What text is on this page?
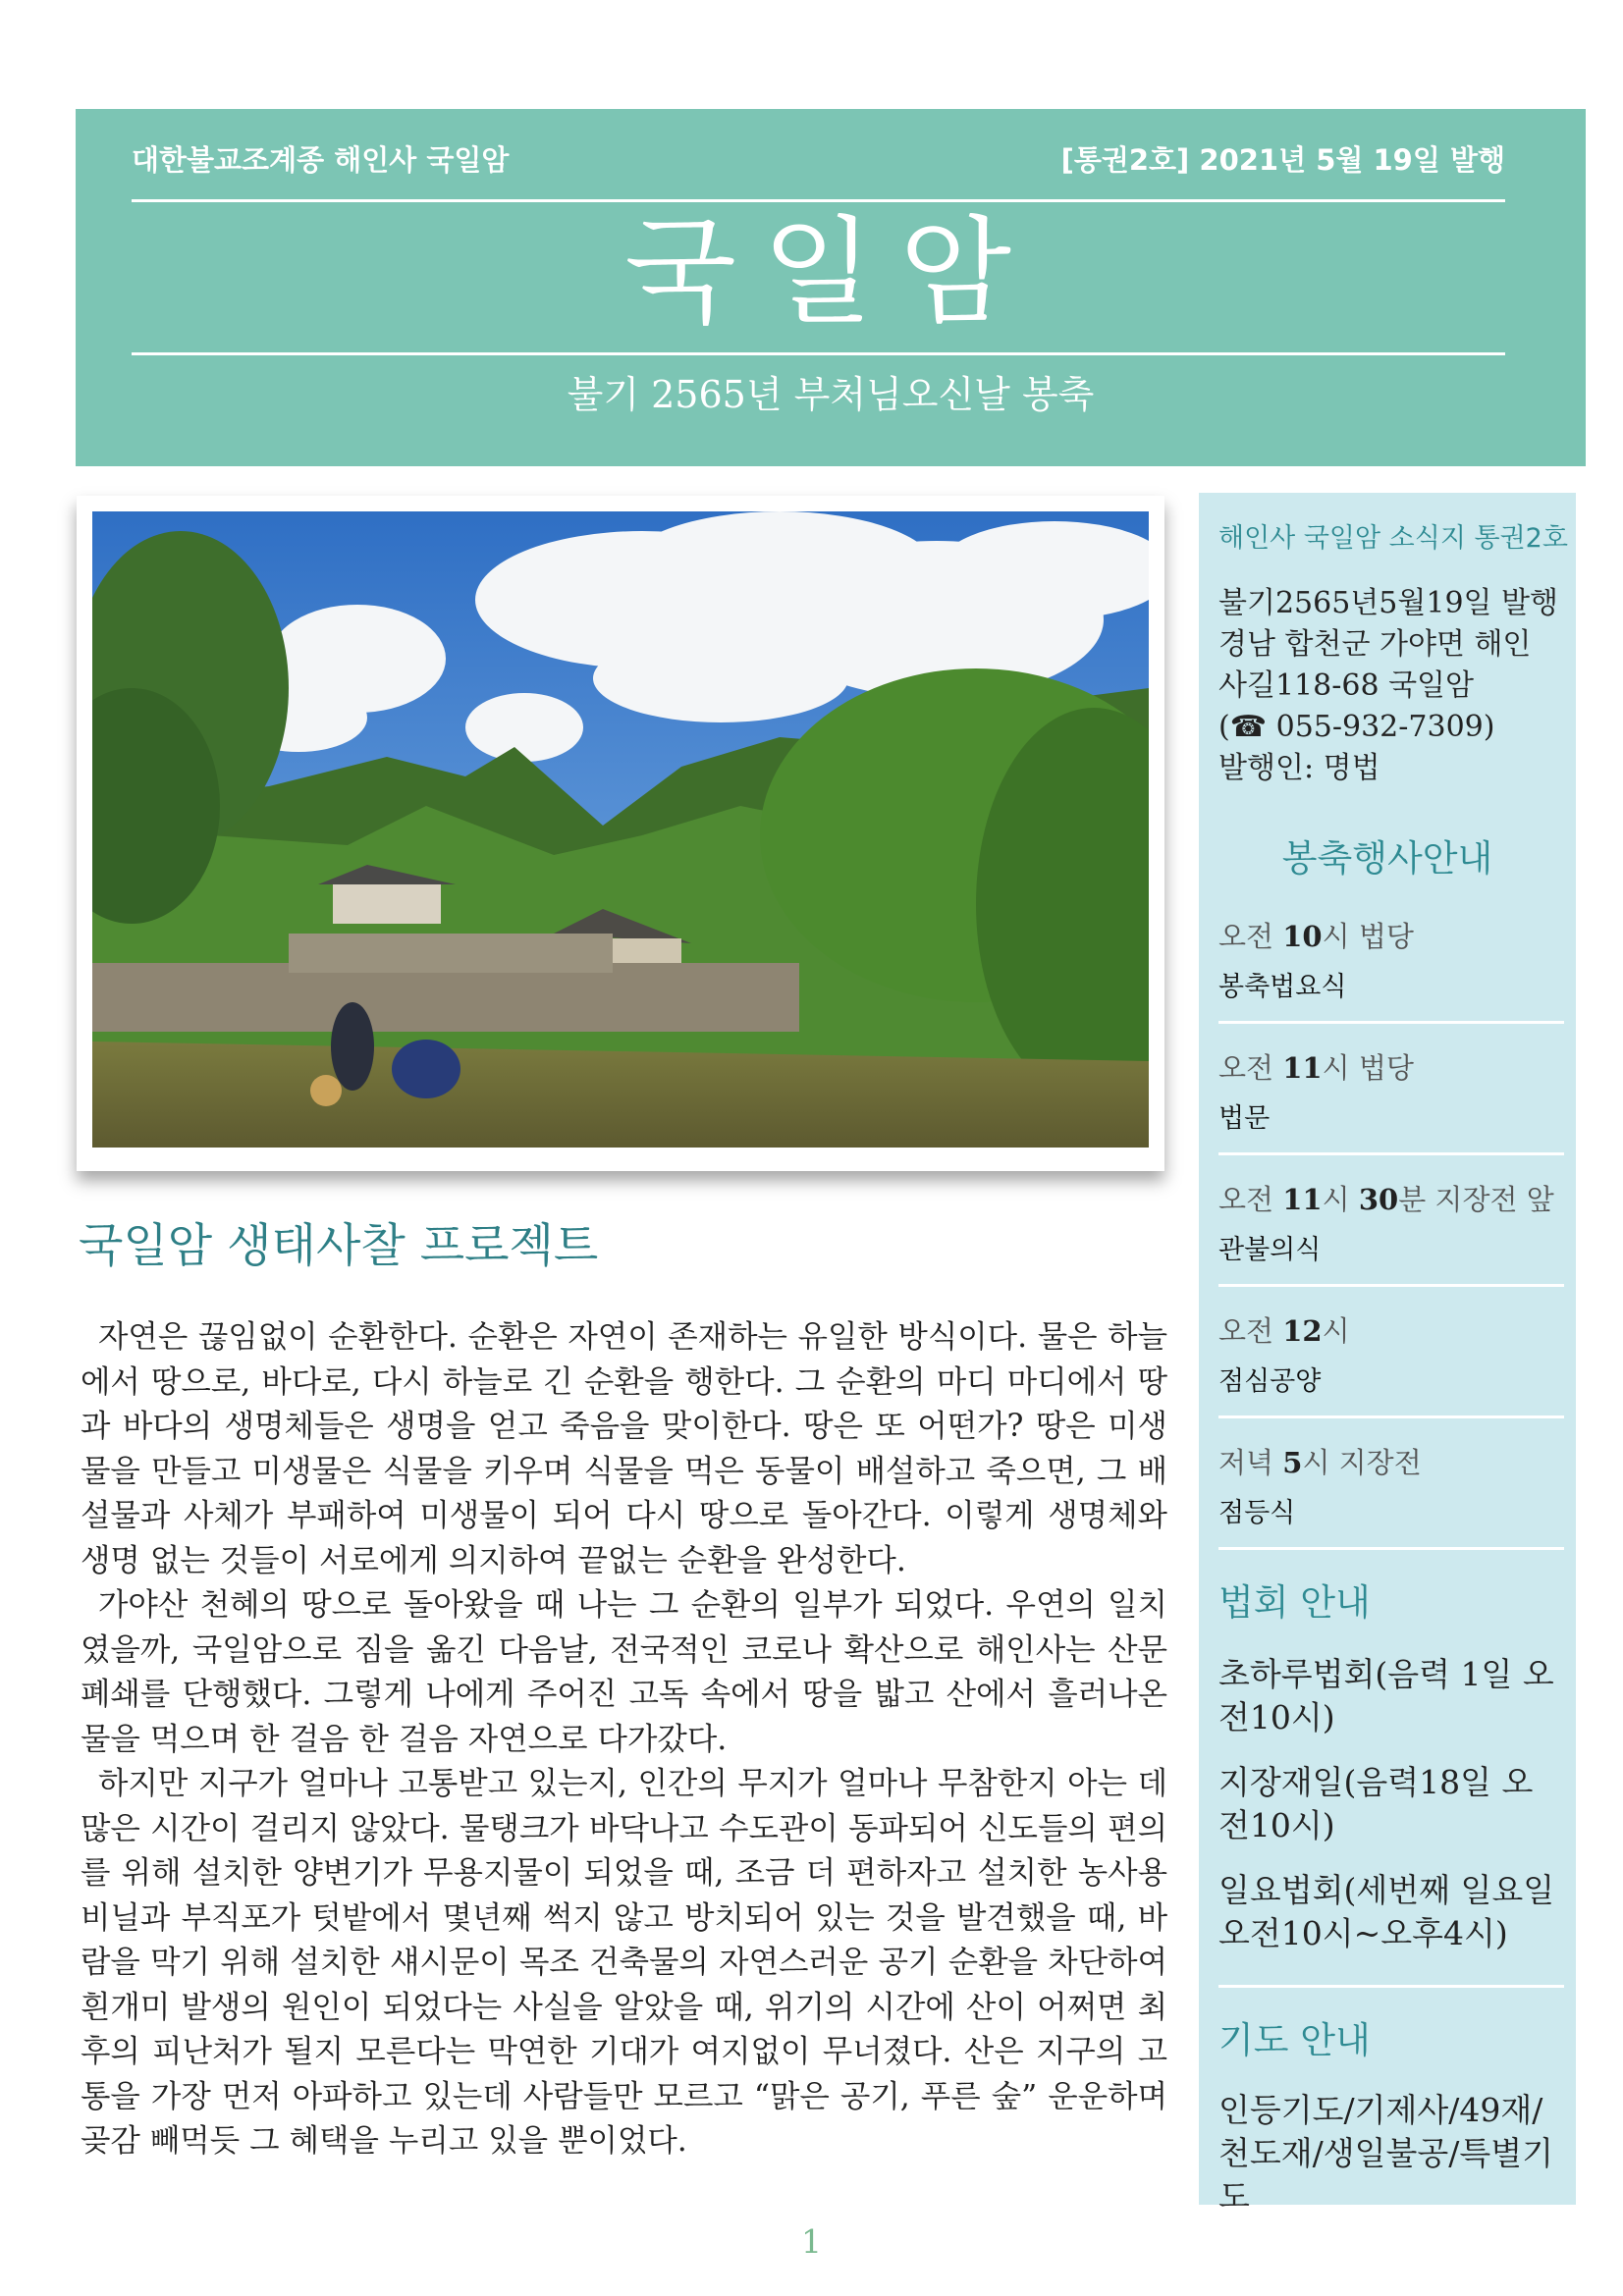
대한불교조계종 해인사 국일암	[통권2호] 2021년 5월 19일 발행
국일암
불기 2565년 부처님오신날 봉축
국일암 생태사찰 프로젝트

자연은 끊임없이 순환한다. 순환은 자연이 존재하는 유일한 방식이다. 물은 하늘에서 땅으로, 바다로, 다시 하늘로 긴 순환을 행한다. 그 순환의 마디 마디에서 땅과 바다의 생명체들은 생명을 얻고 죽음을 맞이한다. 땅은 또 어떤가? 땅은 미생물을 만들고 미생물은 식물을 키우며 식물을 먹은 동물이 배설하고 죽으면, 그 배설물과 사체가 부패하여 미생물이 되어 다시 땅으로 돌아간다. 이렇게 생명체와 생명 없는 것들이 서로에게 의지하여 끝없는 순환을 완성한다.

가야산 천혜의 땅으로 돌아왔을 때 나는 그 순환의 일부가 되었다. 우연의 일치였을까, 국일암으로 짐을 옮긴 다음날, 전국적인 코로나 확산으로 해인사는 산문폐쇄를 단행했다. 그렇게 나에게 주어진 고독 속에서 땅을 밟고 산에서 흘러나온 물을 먹으며 한 걸음 한 걸음 자연으로 다가갔다.

하지만 지구가 얼마나 고통받고 있는지, 인간의 무지가 얼마나 무참한지 아는 데 많은 시간이 걸리지 않았다. 물탱크가 바닥나고 수도관이 동파되어 신도들의 편의를 위해 설치한 양변기가 무용지물이 되었을 때, 조금 더 편하자고 설치한 농사용 비닐과 부직포가 텃밭에서 몇년째 썩지 않고 방치되어 있는 것을 발견했을 때, 바람을 막기 위해 설치한 섀시문이 목조 건축물의 자연스러운 공기 순환을 차단하여 흰개미 발생의 원인이 되었다는 사실을 알았을 때, 위기의 시간에 산이 어쩌면 최후의 피난처가 될지 모른다는 막연한 기대가 여지없이 무너졌다. 산은 지구의 고통을 가장 먼저 아파하고 있는데 사람들만 모르고 “맑은 공기, 푸른 숲” 운운하며 곶감 빼먹듯 그 혜택을 누리고 있을 뿐이었다.

해인사 국일암 소식지 통권2호
불기2565년5월19일 발행
경남 합천군 가야면 해인
사길118-68 국일암
(☎ 055-932-7309)
발행인: 명법
봉축행사안내
오전 10시 법당
봉축법요식
오전 11시 법당
법문
오전 11시 30분 지장전 앞
관불의식
오전 12시
점심공양
저녁 5시 지장전
점등식
법회 안내
초하루법회(음력 1일 오전10시)
지장재일(음력18일 오전10시)
일요법회(세번째 일요일 오전10시~오후4시)
기도 안내
인등기도/기제사/49재/천도재/생일불공/특별기도
1
